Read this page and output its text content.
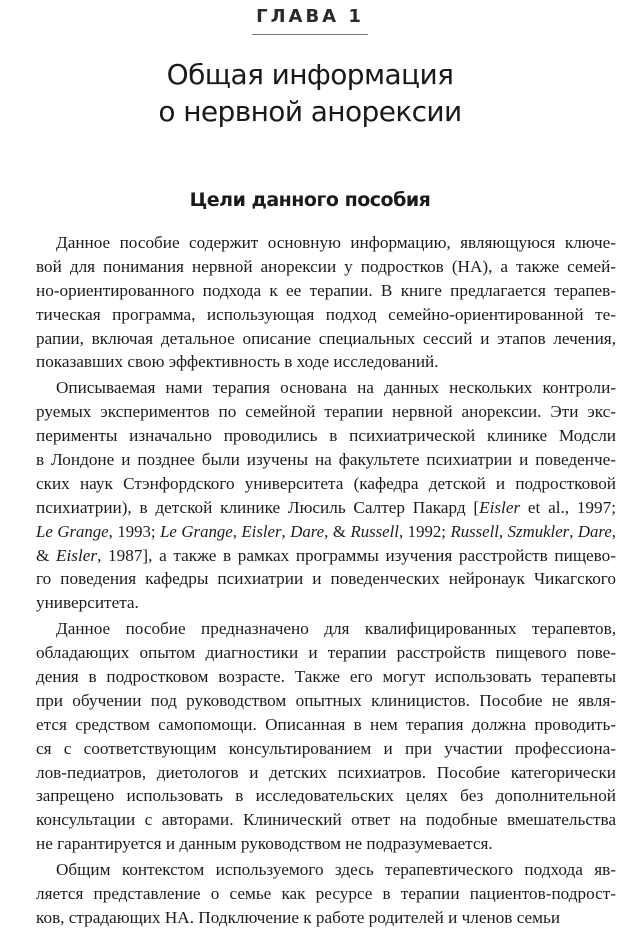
ГЛАВА 1
Общая информация
о нервной анорексии
Цели данного пособия
Данное пособие содержит основную информацию, являющуюся ключе-
вой для понимания нервной анорексии у подростков (НА), а также семей-
но-ориентированного подхода к ее терапии. В книге предлагается терапев-
тическая программа, использующая подход семейно-ориентированной те-
рапии, включая детальное описание специальных сессий и этапов лечения,
показавших свою эффективность в ходе исследований.
Описываемая нами терапия основана на данных нескольких контроли-
руемых экспериментов по семейной терапии нервной анорексии. Эти экс-
перименты изначально проводились в психиатрической клинике Модсли
в Лондоне и позднее были изучены на факультете психиатрии и поведенче-
ских наук Стэнфордского университета (кафедра детской и подростковой
психиатрии), в детской клинике Люсиль Салтер Пакард [Eisler et al., 1997;
Le Grange, 1993; Le Grange, Eisler, Dare, & Russell, 1992; Russell, Szmukler, Dare,
& Eisler, 1987], а также в рамках программы изучения расстройств пищево-
го поведения кафедры психиатрии и поведенческих нейронаук Чикагского
университета.
Данное пособие предназначено для квалифицированных терапевтов,
обладающих опытом диагностики и терапии расстройств пищевого пове-
дения в подростковом возрасте. Также его могут использовать терапевты
при обучении под руководством опытных клиницистов. Пособие не явля-
ется средством самопомощи. Описанная в нем терапия должна проводить-
ся с соответствующим консультированием и при участии профессиона-
лов-педиатров, диетологов и детских психиатров. Пособие категорически
запрещено использовать в исследовательских целях без дополнительной
консультации с авторами. Клинический ответ на подобные вмешательства
не гарантируется и данным руководством не подразумевается.
Общим контекстом используемого здесь терапевтического подхода яв-
ляется представление о семье как ресурсе в терапии пациентов-подрост-
ков, страдающих НА. Подключение к работе родителей и членов семьи
